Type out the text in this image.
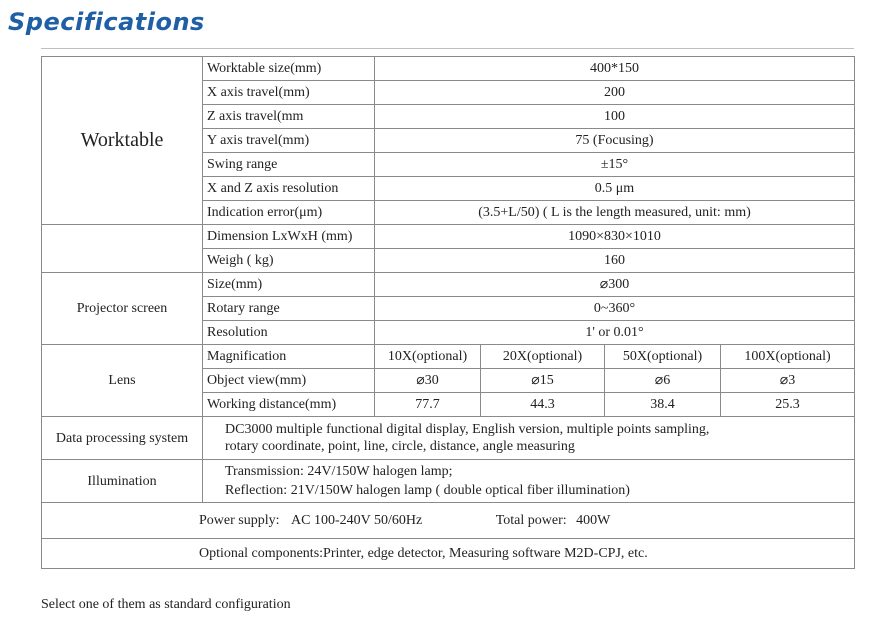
Specifications
Worktable	Worktable size(mm)	400*150			
	X axis travel(mm)	200			
	Z axis travel(mm	100			
	Y axis travel(mm)	75 (Focusing)			
	Swing range	±15°			
	X and Z axis resolution	0.5 μm			
	Indication error(μm)	(3.5+L/50) ( L is the length measured, unit: mm)			
	Dimension LxWxH (mm)	1090×830×1010			
	Weigh ( kg)	160			
Projector screen	Size(mm)	⌀300			
	Rotary range	0~360°			
	Resolution	1' or 0.01°			
Lens	Magnification	10X(optional)	20X(optional)	50X(optional)	100X(optional)
	Object view(mm)	⌀30	⌀15	⌀6	⌀3
	Working distance(mm)	77.7	44.3	38.4	25.3
Data processing system	DC3000 multiple functional digital display, English version, multiple points sampling,
rotary coordinate, point, line, circle, distance, angle measuring				

Illumination	Transmission: 24V/150W halogen lamp;
Reflection: 21V/150W halogen lamp ( double optical fiber illumination)				

Power supply: AC 100-240V 50/60Hz Total power: 400W					
Optional components:Printer, edge detector, Measuring software M2D-CPJ, etc.					
Select one of them as standard configuration
